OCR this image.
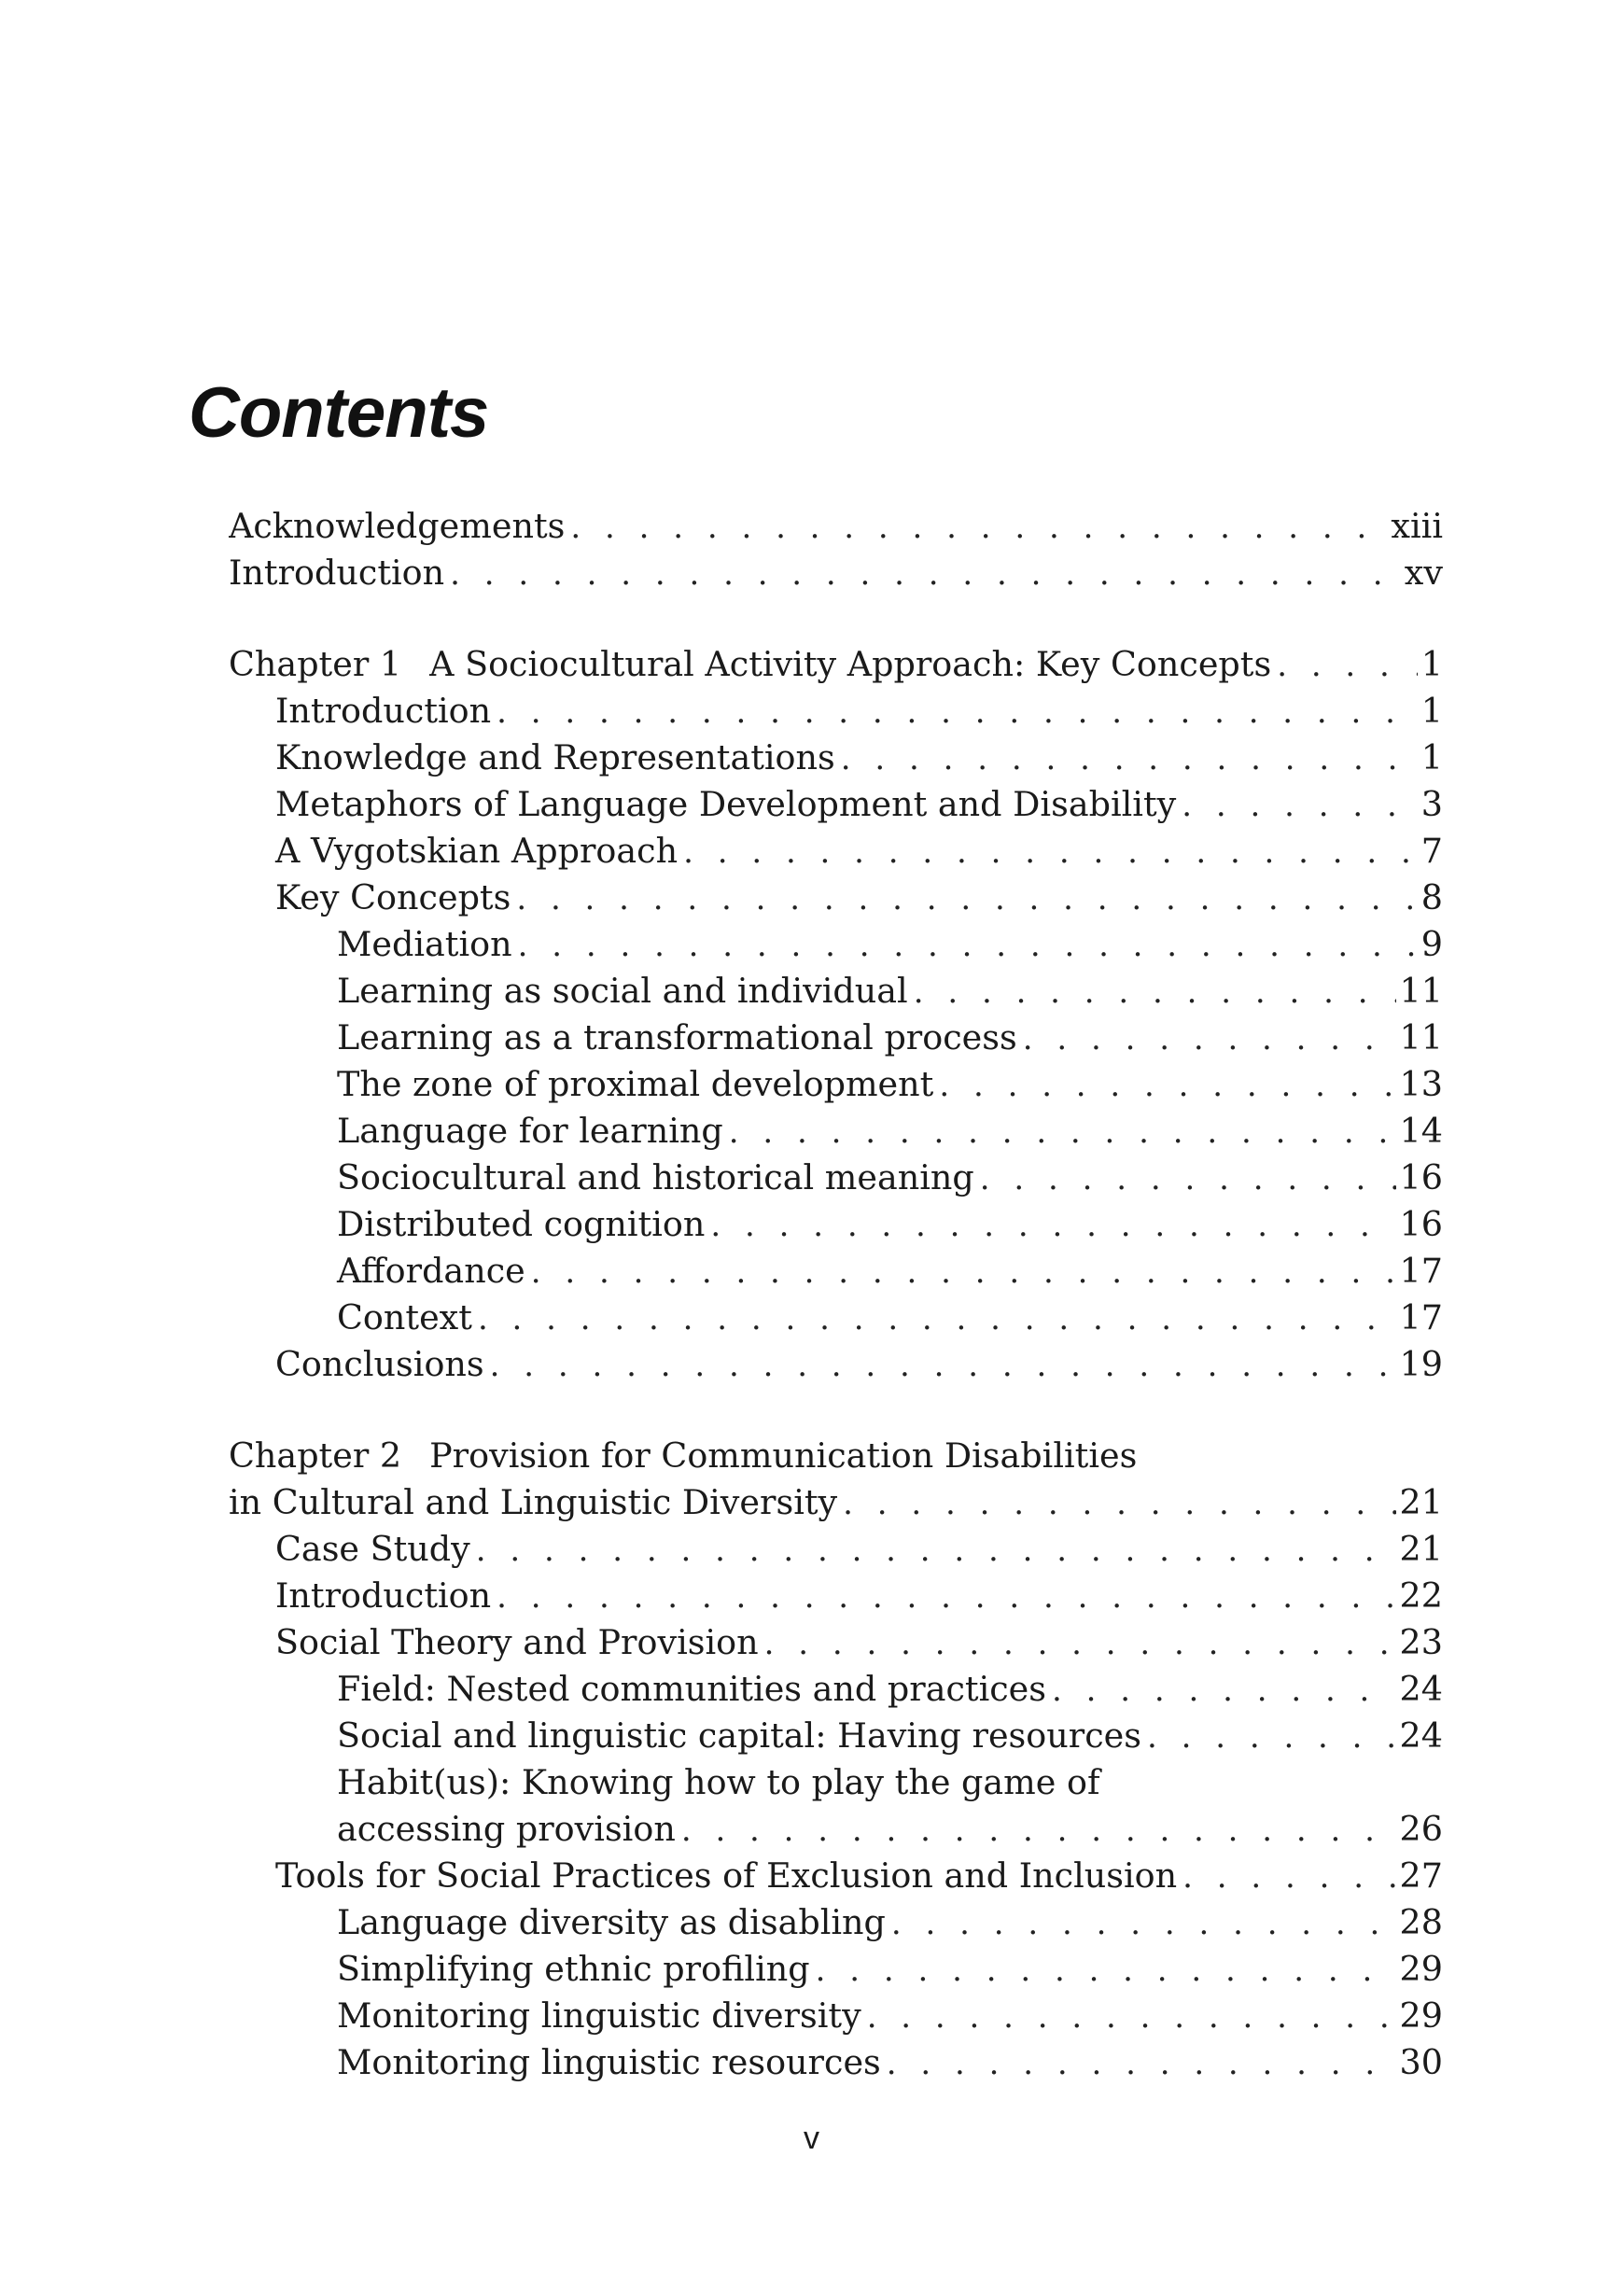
Contents
Acknowledgements . . .	xiii
Introduction . . .	xv
Chapter 1 A Sociocultural Activity Approach: Key Concepts . . .	1
Introduction . . .	1
Knowledge and Representations . . .	1
Metaphors of Language Development and Disability . . .	3
A Vygotskian Approach . . .	7
Key Concepts . . .	8
Mediation . . .	9
Learning as social and individual . . .	11
Learning as a transformational process . . .	11
The zone of proximal development . . .	13
Language for learning . . .	14
Sociocultural and historical meaning . . .	16
Distributed cognition . . .	16
Affordance . . .	17
Context . . .	17
Conclusions . . .	19
Chapter 2 Provision for Communication Disabilities
in Cultural and Linguistic Diversity . . .	21
Case Study . . .	21
Introduction . . .	22
Social Theory and Provision . . .	23
Field: Nested communities and practices . . .	24
Social and linguistic capital: Having resources . . .	24
Habit(us): Knowing how to play the game of
accessing provision . . .	26
Tools for Social Practices of Exclusion and Inclusion . . .	27
Language diversity as disabling . . .	28
Simplifying ethnic profiling . . .	29
Monitoring linguistic diversity . . .	29
Monitoring linguistic resources . . .	30
v
